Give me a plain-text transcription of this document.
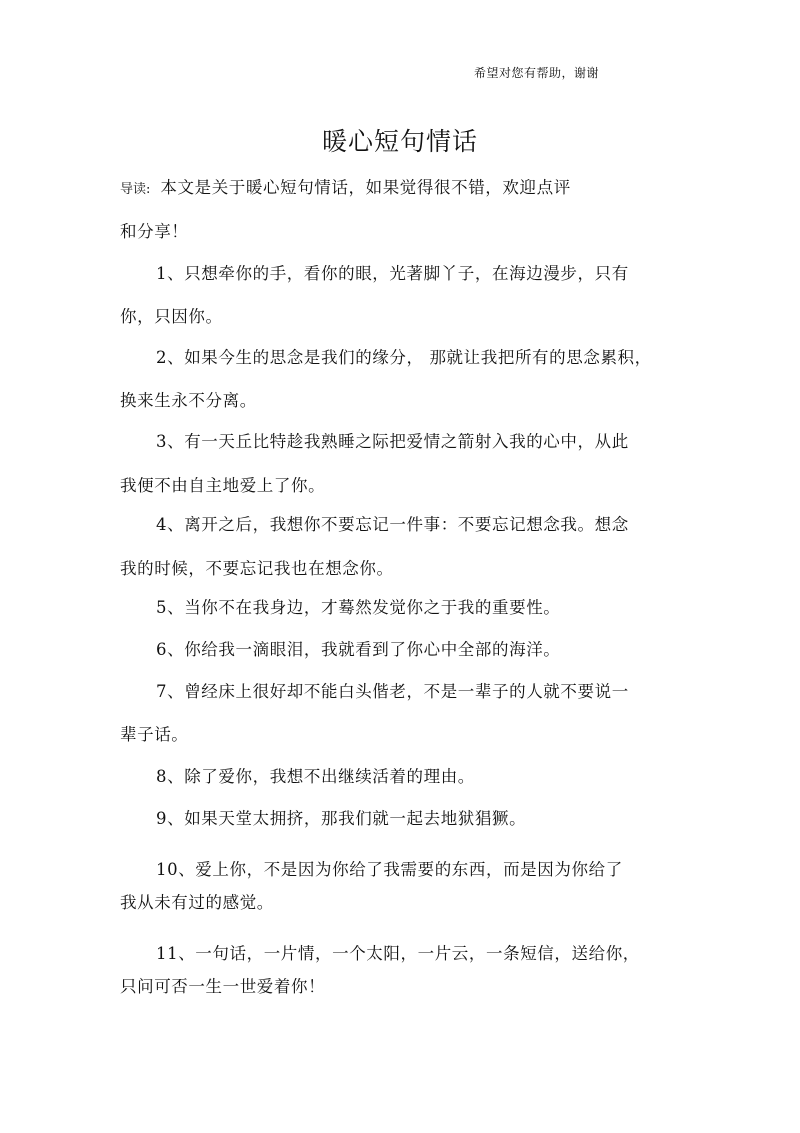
希望对您有帮助，谢谢
暖心短句情话
导读: 本文是关于暖心短句情话，如果觉得很不错，欢迎点评
和分享！
1、只想牵你的手，看你的眼，光著脚丫子，在海边漫步，只有
你，只因你。
2、如果今生的思念是我们的缘分， 那就让我把所有的思念累积，
换来生永不分离。
3、有一天丘比特趁我熟睡之际把爱情之箭射入我的心中，从此
我便不由自主地爱上了你。
4、离开之后，我想你不要忘记一件事：不要忘记想念我。想念
我的时候，不要忘记我也在想念你。
5、当你不在我身边，才蓦然发觉你之于我的重要性。
6、你给我一滴眼泪，我就看到了你心中全部的海洋。
7、曾经床上很好却不能白头偕老，不是一辈子的人就不要说一
辈子话。
8、除了爱你，我想不出继续活着的理由。
9、如果天堂太拥挤，那我们就一起去地狱猖獗。
10、爱上你，不是因为你给了我需要的东西，而是因为你给了
我从未有过的感觉。
11、一句话，一片情，一个太阳，一片云，一条短信，送给你，
只问可否一生一世爱着你！
